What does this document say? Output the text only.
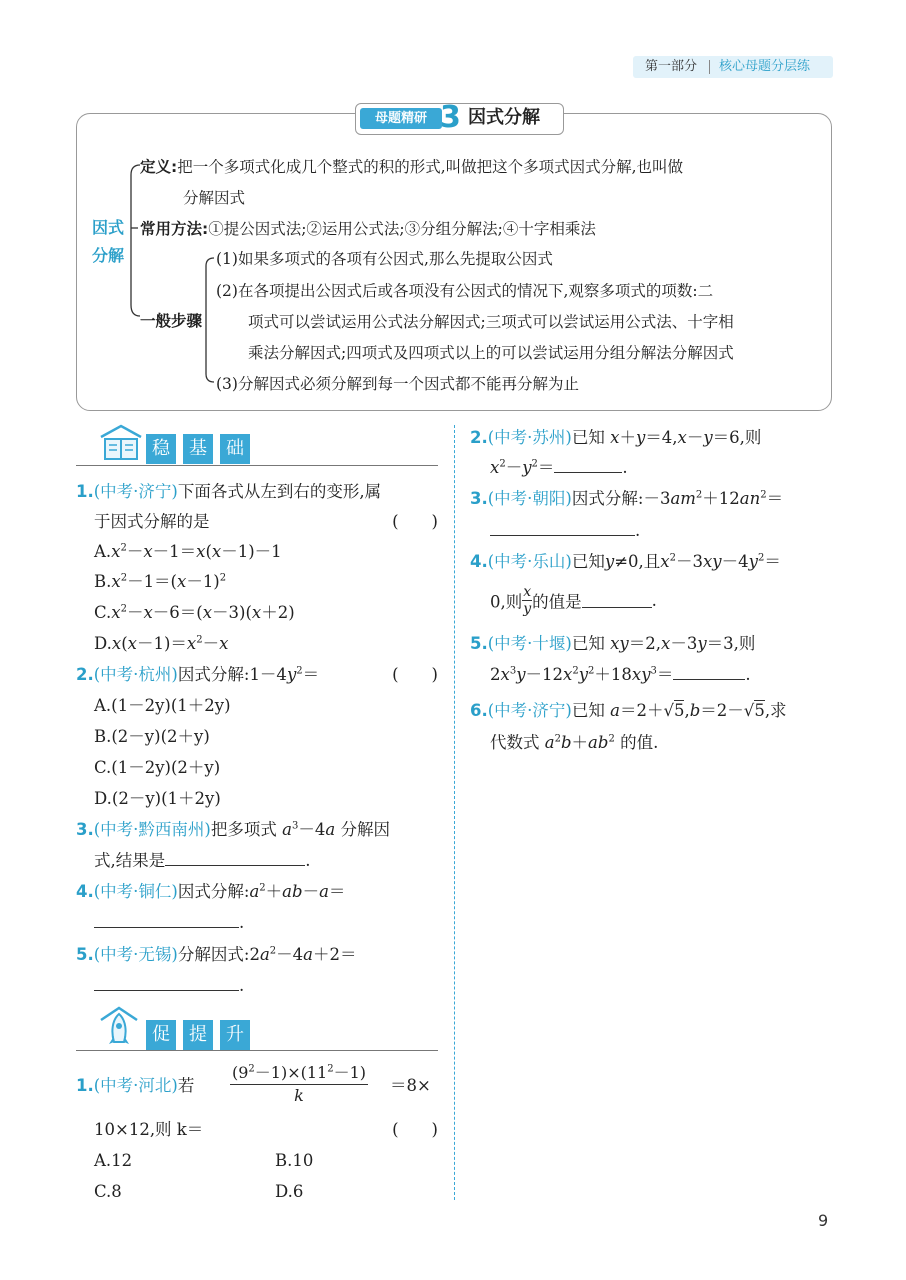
第一部分 核心母题分层练
母题精研 3 因式分解
因式
分解
定义:把一个多项式化成几个整式的积的形式,叫做把这个多项式因式分解,也叫做
分解因式
常用方法:①提公因式法;②运用公式法;③分组分解法;④十字相乘法
一般步骤
(1)如果多项式的各项有公因式,那么先提取公因式
(2)在各项提出公因式后或各项没有公因式的情况下,观察多项式的项数:二
项式可以尝试运用公式法分解因式;三项式可以尝试运用公式法、十字相
乘法分解因式;四项式及四项式以上的可以尝试运用分组分解法分解因式
(3)分解因式必须分解到每一个因式都不能再分解为止
稳	基	础
1.(中考·济宁)下面各式从左到右的变形,属
于因式分解的是	(　　)
$A.x^2-x-1=x(x-1)-1$
$B.x^2-1=(x-1)^2$
$C.x^2-x-6=(x-3)(x+2)$
$D.x(x-1)=x^2-x$
2.(中考·杭州)因式分解$:1-4y^2=$	(　　)
A.(1－2y)(1＋2y)
B.(2－y)(2＋y)
C.(1－2y)(2＋y)
D.(2－y)(1＋2y)
3.(中考·黔西南州)把多项式 $a^3-4a$ 分解因
式,结果是	.
4.(中考·铜仁)因式分解$:a^2+ab-a=$
.
5.(中考·无锡)分解因式$:2a^2-4a+2=$
.
促	提	升
1.(中考·河北)若
$(9^2-1)\times(11^2-1)$
k
＝8×
10×12,则 k＝	(　　)
A.12	B.10
C.8	D.6
2.(中考·苏州)已知 x＋y＝4,x－y＝6,则
$x^2-y^2=$	.
3.(中考·朝阳)因式分解$:-3am^2+12an^2=$
.
4.(中考·乐山)已知y≠0,且$x^2-3xy-4y^2=$
0,则 $\frac{x}{y}$ 的值是	.
5.(中考·十堰)已知 xy＝2,x－3y＝3,则
$2x^3y-12x^2y^2+18xy^3=$	.
6.(中考·济宁)已知 a＝2＋√5,b＝2－√5,求
代数式 $a^2b+ab^2$ 的值.
9
